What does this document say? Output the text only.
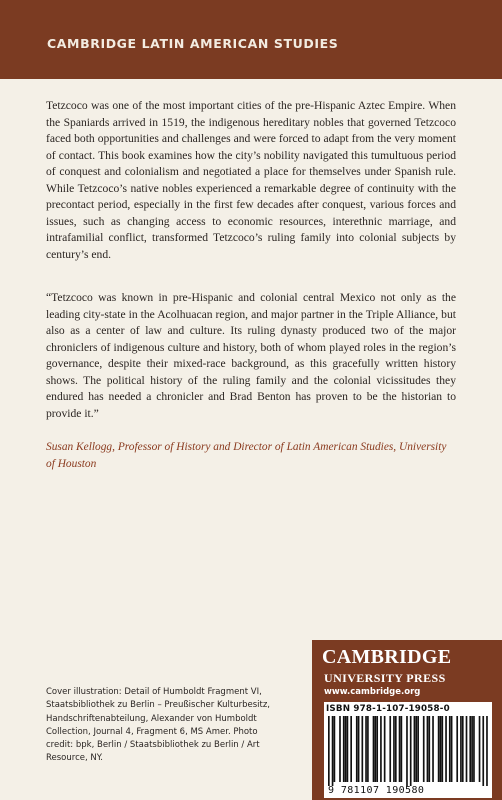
CAMBRIDGE LATIN AMERICAN STUDIES

Tetzcoco was one of the most important cities of the pre-Hispanic Aztec Empire. When the Spaniards arrived in 1519, the indigenous hereditary nobles that governed Tetzcoco faced both opportunities and challenges and were forced to adapt from the very moment of contact. This book examines how the city’s nobility navigated this tumultuous period of conquest and colonialism and negotiated a place for themselves under Spanish rule. While Tetzcoco’s native nobles experienced a remarkable degree of continuity with the precontact period, especially in the first few decades after conquest, various forces and issues, such as changing access to economic resources, interethnic marriage, and intrafamilial conflict, transformed Tetzcoco’s ruling family into colonial subjects by century’s end.

“Tetzcoco was known in pre-Hispanic and colonial central Mexico not only as the leading city-state in the Acolhuacan region, and major partner in the Triple Alliance, but also as a center of law and culture. Its ruling dynasty produced two of the major chroniclers of indigenous culture and history, both of whom played roles in the region’s governance, despite their mixed-race background, as this gracefully written history shows. The political history of the ruling family and the colonial vicissitudes they endured has needed a chronicler and Brad Benton has proven to be the historian to provide it.”

Susan Kellogg, Professor of History and Director of Latin American Studies, University of Houston

Cover illustration: Detail of Humboldt Fragment VI, Staatsbibliothek zu Berlin – Preußischer Kulturbesitz, Handschriftenabteilung, Alexander von Humboldt Collection, Journal 4, Fragment 6, MS Amer. Photo credit: bpk, Berlin / Staatsbibliothek zu Berlin / Art Resource, NY.

CAMBRIDGE
UNIVERSITY PRESS
www.cambridge.org
ISBN 978-1-107-19058-0
9 781107 190580
